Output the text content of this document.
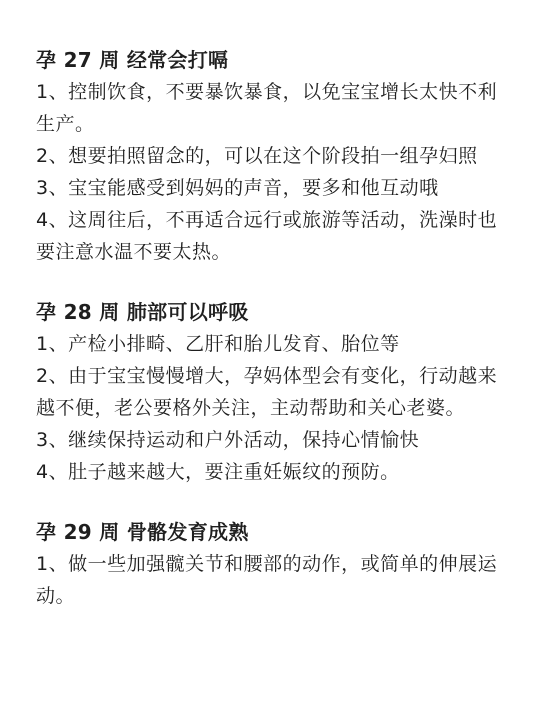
孕 27 周 经常会打嗝

1、控制饮食，不要暴饮暴食，以免宝宝增长太快不利生产。

2、想要拍照留念的，可以在这个阶段拍一组孕妇照

3、宝宝能感受到妈妈的声音，要多和他互动哦

4、这周往后，不再适合远行或旅游等活动，洗澡时也要注意水温不要太热。

孕 28 周 肺部可以呼吸

1、产检小排畸、乙肝和胎儿发育、胎位等

2、由于宝宝慢慢增大，孕妈体型会有变化，行动越来越不便，老公要格外关注，主动帮助和关心老婆。

3、继续保持运动和户外活动，保持心情愉快

4、肚子越来越大，要注重妊娠纹的预防。

孕 29 周 骨骼发育成熟

1、做一些加强髋关节和腰部的动作，或简单的伸展运动。
